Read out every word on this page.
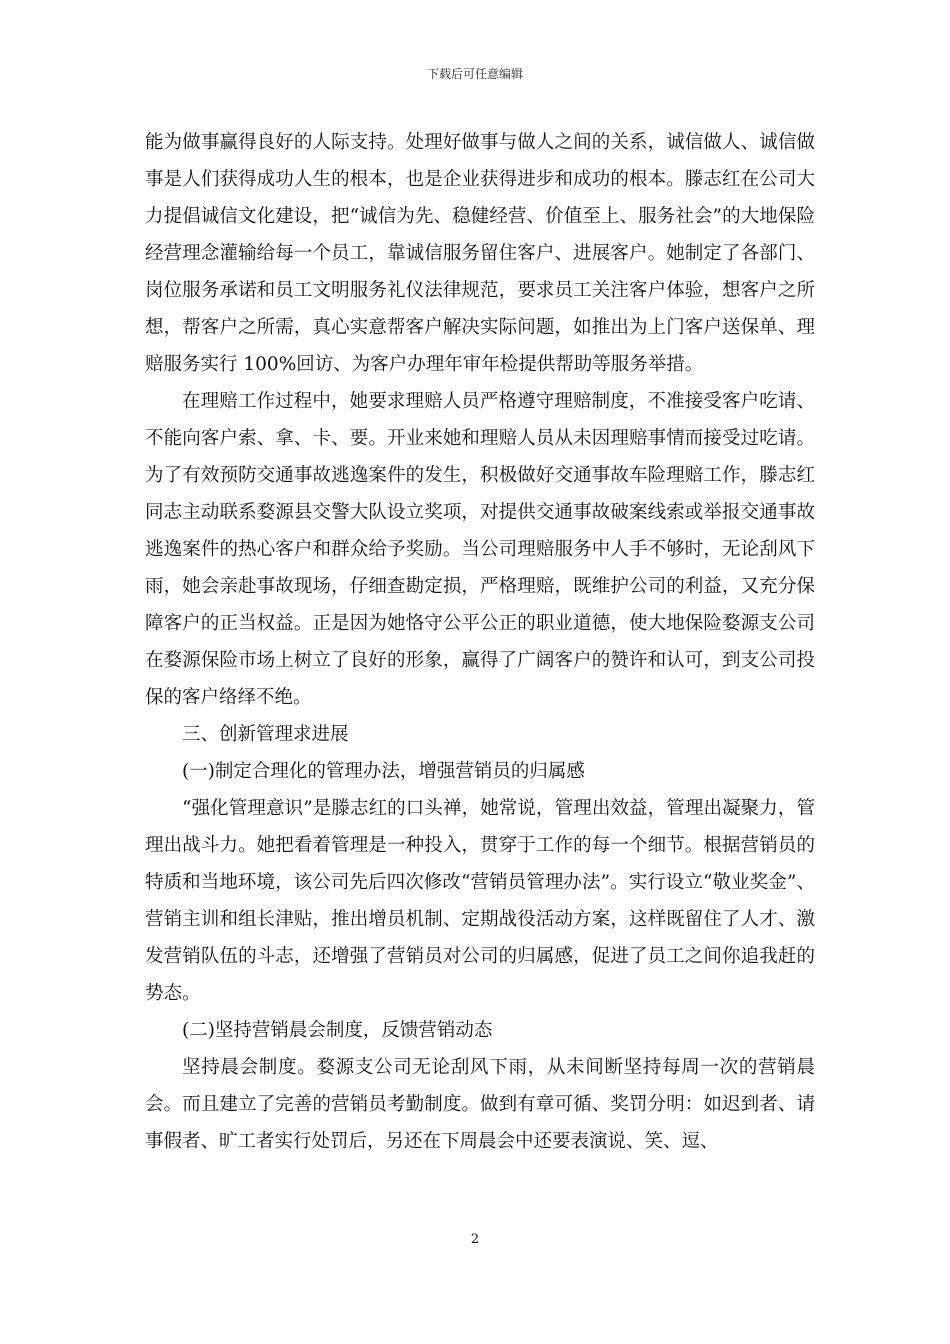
下载后可任意编辑

能为做事赢得良好的人际支持。处理好做事与做人之间的关系，诚信做人、诚信做事是人们获得成功人生的根本，也是企业获得进步和成功的根本。滕志红在公司大力提倡诚信文化建设，把“诚信为先、稳健经营、价值至上、服务社会”的大地保险经营理念灌输给每一个员工，靠诚信服务留住客户、进展客户。她制定了各部门、岗位服务承诺和员工文明服务礼仪法律规范，要求员工关注客户体验，想客户之所想，帮客户之所需，真心实意帮客户解决实际问题，如推出为上门客户送保单、理赔服务实行 100%回访、为客户办理年审年检提供帮助等服务举措。

在理赔工作过程中，她要求理赔人员严格遵守理赔制度，不准接受客户吃请、不能向客户索、拿、卡、要。开业来她和理赔人员从未因理赔事情而接受过吃请。为了有效预防交通事故逃逸案件的发生，积极做好交通事故车险理赔工作，滕志红同志主动联系婺源县交警大队设立奖项，对提供交通事故破案线索或举报交通事故逃逸案件的热心客户和群众给予奖励。当公司理赔服务中人手不够时，无论刮风下雨，她会亲赴事故现场，仔细查勘定损，严格理赔，既维护公司的利益，又充分保障客户的正当权益。正是因为她恪守公平公正的职业道德，使大地保险婺源支公司在婺源保险市场上树立了良好的形象，赢得了广阔客户的赞许和认可，到支公司投保的客户络绎不绝。

三、创新管理求进展

(一)制定合理化的管理办法，增强营销员的归属感

“强化管理意识”是滕志红的口头禅，她常说，管理出效益，管理出凝聚力，管理出战斗力。她把看着管理是一种投入，贯穿于工作的每一个细节。根据营销员的特质和当地环境，该公司先后四次修改“营销员管理办法”。实行设立“敬业奖金”、营销主训和组长津贴，推出增员机制、定期战役活动方案，这样既留住了人才、激发营销队伍的斗志，还增强了营销员对公司的归属感，促进了员工之间你追我赶的势态。

(二)坚持营销晨会制度，反馈营销动态

坚持晨会制度。婺源支公司无论刮风下雨，从未间断坚持每周一次的营销晨会。而且建立了完善的营销员考勤制度。做到有章可循、奖罚分明：如迟到者、请事假者、旷工者实行处罚后，另还在下周晨会中还要表演说、笑、逗、

2
